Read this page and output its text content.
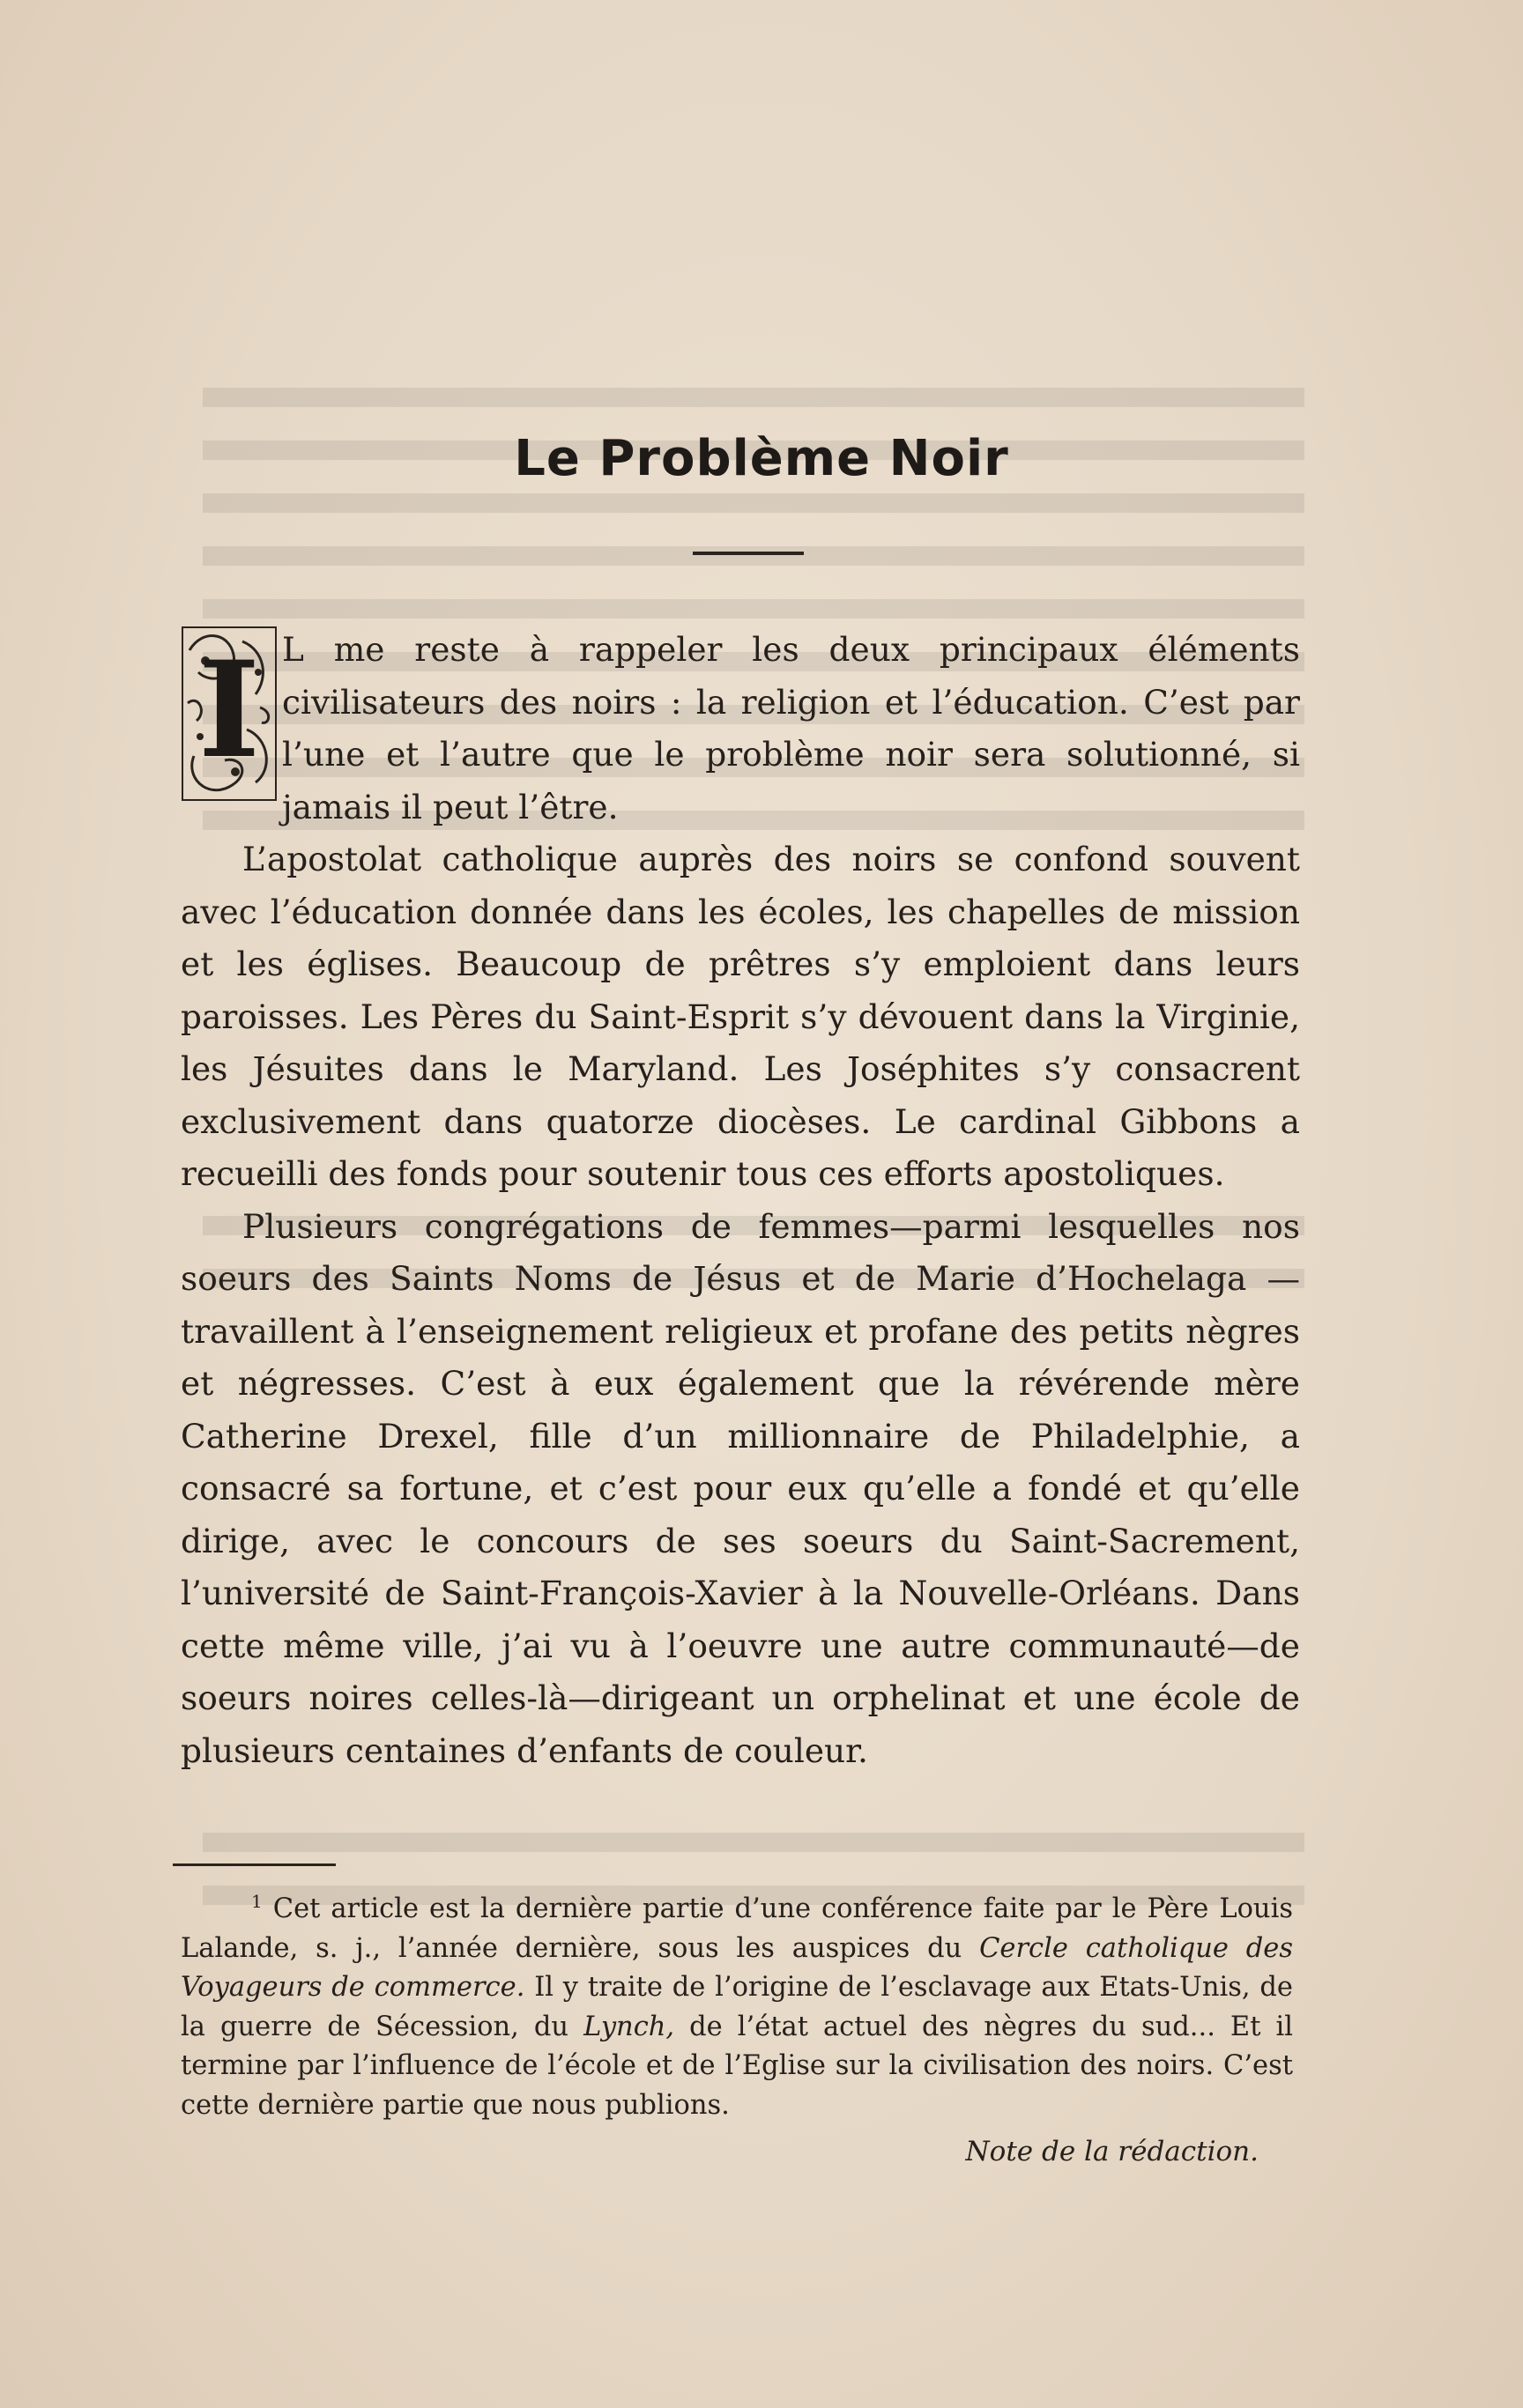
Le Problème Noir

I L me reste à rappeler les deux principaux éléments civilisateurs des noirs : la religion et l’éducation. C’est par l’une et l’autre que le problème noir sera solutionné, si jamais il peut l’être.

L’apostolat catholique auprès des noirs se confond souvent avec l’éducation donnée dans les écoles, les chapelles de mission et les églises. Beaucoup de prêtres s’y emploient dans leurs paroisses. Les Pères du Saint-Esprit s’y dévouent dans la Virginie, les Jésuites dans le Maryland. Les Joséphites s’y consacrent exclusivement dans quatorze diocèses. Le cardinal Gibbons a recueilli des fonds pour soutenir tous ces efforts apostoliques.

Plusieurs congrégations de femmes—parmi lesquelles nos soeurs des Saints Noms de Jésus et de Marie d’Hochelaga — travaillent à l’enseignement religieux et profane des petits nègres et négresses. C’est à eux également que la révérende mère Catherine Drexel, fille d’un millionnaire de Philadelphie, a consacré sa fortune, et c’est pour eux qu’elle a fondé et qu’elle dirige, avec le concours de ses soeurs du Saint-Sacrement, l’université de Saint-François-Xavier à la Nouvelle-Orléans. Dans cette même ville, j’ai vu à l’oeuvre une autre communauté—de soeurs noires celles-là—dirigeant un orphelinat et une école de plusieurs centaines d’enfants de couleur.

$^1$ Cet article est la dernière partie d’une conférence faite par le Père Louis Lalande, s. j., l’année dernière, sous les auspices du Cercle catholique des Voyageurs de commerce. Il y traite de l’origine de l’esclavage aux Etats-Unis, de la guerre de Sécession, du Lynch, de l’état actuel des nègres du sud... Et il termine par l’influence de l’école et de l’Eglise sur la civilisation des noirs. C’est cette dernière partie que nous publions.

Note de la rédaction.
